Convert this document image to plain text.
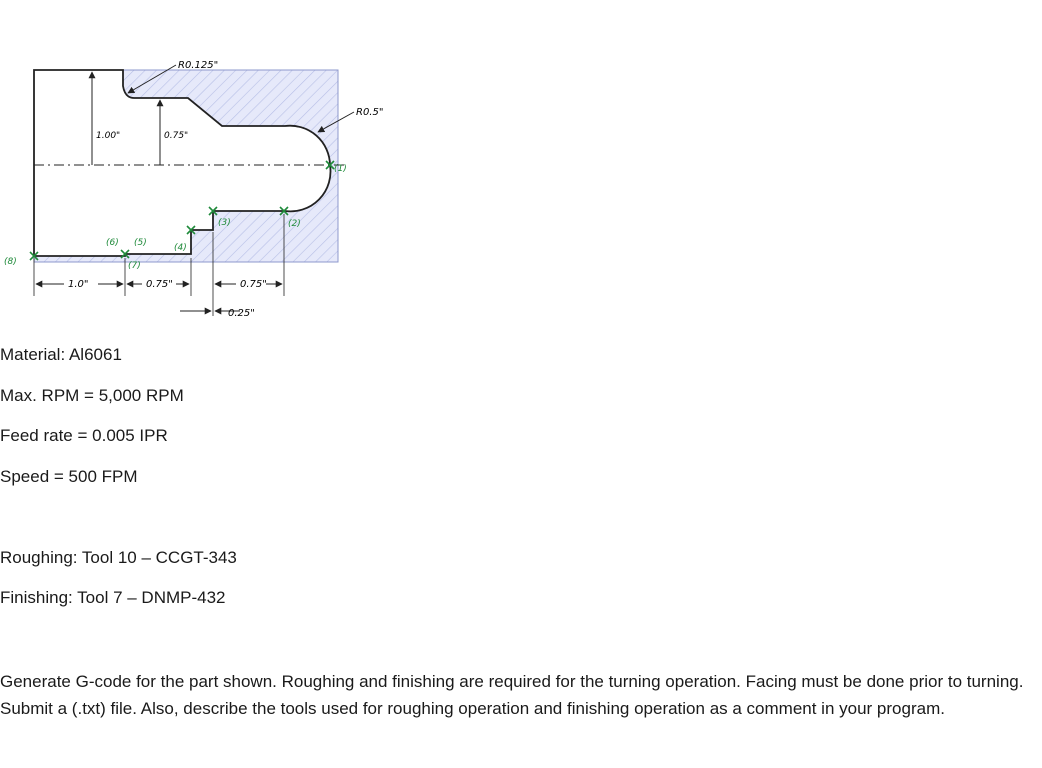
1.00"	0.75"
R0.125"
R0.5"
1.0"	0.75"	0.75"
0.25"
(1)
(2)
(3)
(4)
(5)
(6)
(7)
(8)

Material: Al6061

Max. RPM = 5,000 RPM

Feed rate = 0.005 IPR

Speed = 500 FPM

Roughing: Tool 10 – CCGT-343

Finishing: Tool 7 – DNMP-432

Generate G-code for the part shown. Roughing and finishing are required for the turning operation. Facing must be done prior to turning. Submit a (.txt) file. Also, describe the tools used for roughing operation and finishing operation as a comment in your program.
